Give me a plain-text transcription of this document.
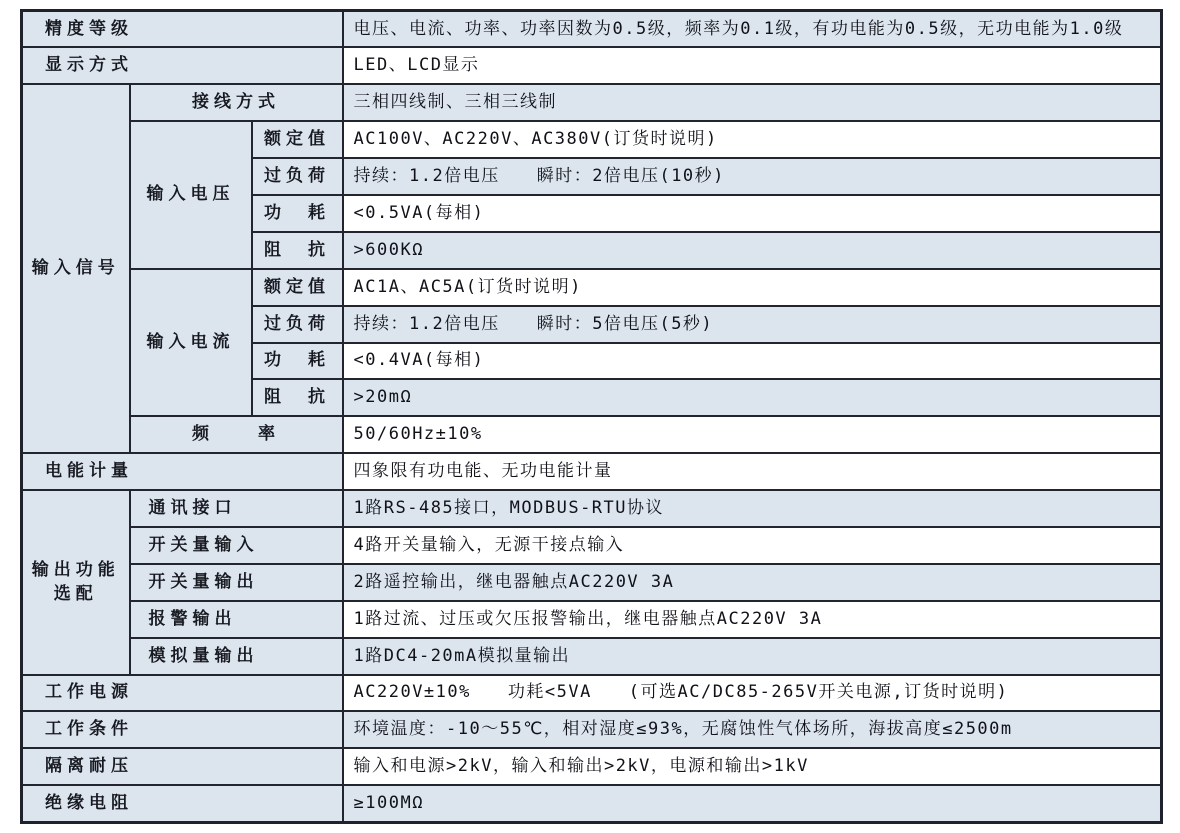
精度等级			电压、电流、功率、功率因数为0.5级，频率为0.1级，有功电能为0.5级，无功电能为1.0级
显示方式			LED、LCD显示
输入信号	接线方式		三相四线制、三相三线制
	输入电压	额定值	AC100V、AC220V、AC380V(订货时说明)
		过负荷	持续：1.2倍电压　　瞬时：2倍电压(10秒)
		功　耗	<0.5VA(每相)
		阻　抗	>600KΩ
	输入电流	额定值	AC1A、AC5A(订货时说明)
		过负荷	持续：1.2倍电压　　瞬时：5倍电压(5秒)
		功　耗	<0.4VA(每相)
		阻　抗	>20mΩ
	频　　率		50/60Hz±10%
电能计量			四象限有功电能、无功电能计量
输出功能
选配	通讯接口		1路RS-485接口，MODBUS-RTU协议
	开关量输入		4路开关量输入，无源干接点输入
	开关量输出		2路遥控输出，继电器触点AC220V 3A
	报警输出		1路过流、过压或欠压报警输出，继电器触点AC220V 3A
	模拟量输出		1路DC4-20mA模拟量输出
工作电源			AC220V±10%　　功耗<5VA　　(可选AC/DC85-265V开关电源,订货时说明)
工作条件			环境温度：-10～55℃，相对湿度≤93%，无腐蚀性气体场所，海拔高度≤2500m
隔离耐压			输入和电源>2kV，输入和输出>2kV，电源和输出>1kV
绝缘电阻			≥100MΩ
